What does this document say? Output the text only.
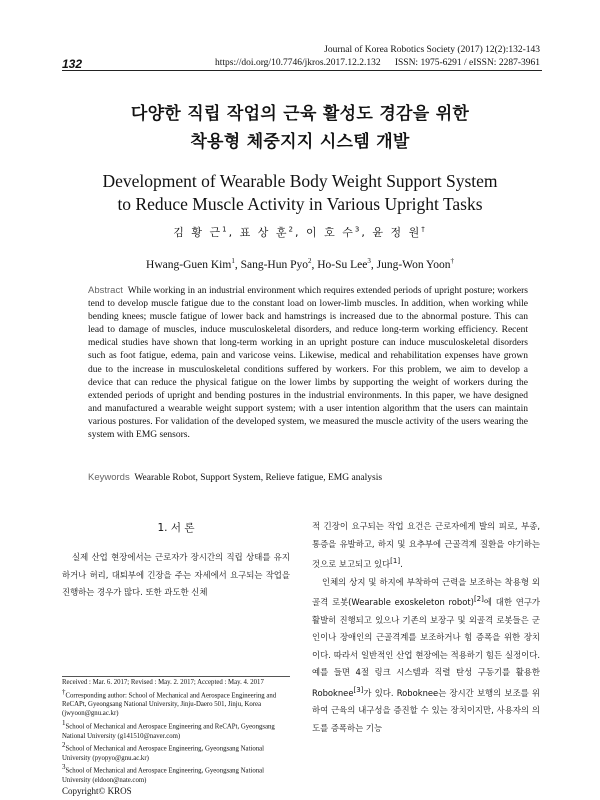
132
Journal of Korea Robotics Society (2017) 12(2):132-143
https://doi.org/10.7746/jkros.2017.12.2.132 ISSN: 1975-6291 / eISSN: 2287-3961
다양한 직립 작업의 근육 활성도 경감을 위한
착용형 체중지지 시스템 개발
Development of Wearable Body Weight Support System
to Reduce Muscle Activity in Various Upright Tasks
김 황 근$^1$, 표 상 훈$^2$, 이 호 수$^3$, 윤 정 원†
Hwang-Guen Kim$^1$, Sang-Hun Pyo$^2$, Ho-Su Lee$^3$, Jung-Won Yoon†
Abstract While working in an industrial environment which requires extended periods of upright posture; workers tend to develop muscle fatigue due to the constant load on lower-limb muscles. In addition, when working while bending knees; muscle fatigue of lower back and hamstrings is increased due to the abnormal posture. This can lead to damage of muscles, induce musculoskeletal disorders, and reduce long-term working efficiency. Recent medical studies have shown that long-term working in an upright posture can induce musculoskeletal disorders such as foot fatigue, edema, pain and varicose veins. Likewise, medical and rehabilitation expenses have grown due to the increase in musculoskeletal conditions suffered by workers. For this problem, we aim to develop a device that can reduce the physical fatigue on the lower limbs by supporting the weight of workers during the extended periods of upright and bending postures in the industrial environments. In this paper, we have designed and manufactured a wearable weight support system; with a user intention algorithm that the users can maintain various postures. For validation of the developed system, we measured the muscle activity of the users wearing the system with EMG sensors.
Keywords Wearable Robot, Support System, Relieve fatigue, EMG analysis
1. 서 론

실제 산업 현장에서는 근로자가 장시간의 직립 상태를 유지하거나 허리, 대퇴부에 긴장을 주는 자세에서 요구되는 작업을 진행하는 경우가 많다. 또한 과도한 신체

적 긴장이 요구되는 작업 요건은 근로자에게 발의 피로, 부종, 통증을 유발하고, 하지 및 요추부에 근골격계 질환을 야기하는 것으로 보고되고 있다[1].

인체의 상지 및 하지에 부착하여 근력을 보조하는 착용형 외골격 로봇(Wearable exoskeleton robot)[2]에 대한 연구가 활발히 진행되고 있으나 기존의 보장구 및 외골격 로봇들은 군인이나 장애인의 근골격계를 보조하거나 힘 증폭을 위한 장치이다. 따라서 일반적인 산업 현장에는 적용하기 힘든 실정이다. 예를 들면 4절 링크 시스템과 직렬 탄성 구동기를 활용한 Roboknee[3]가 있다. Roboknee는 장시간 보행의 보조를 위하여 근육의 내구성을 증진할 수 있는 장치이지만, 사용자의 의도를 증폭하는 기능

Received : Mar. 6. 2017; Revised : May. 2. 2017; Accepted : May. 4. 2017
†Corresponding author: School of Mechanical and Aerospace Engineering and ReCAPt, Gyeongsang National University, Jinju-Daero 501, Jinju, Korea (jwyoon@gnu.ac.kr)
$^1$School of Mechanical and Aerospace Engineering and ReCAPt, Gyeongsang National University (g141510@naver.com)
$^2$School of Mechanical and Aerospace Engineering, Gyeongsang National University (pyopyo@gnu.ac.kr)
$^3$School of Mechanical and Aerospace Engineering, Gyeongsang National University (eldoon@nate.com)
Copyright© KROS
